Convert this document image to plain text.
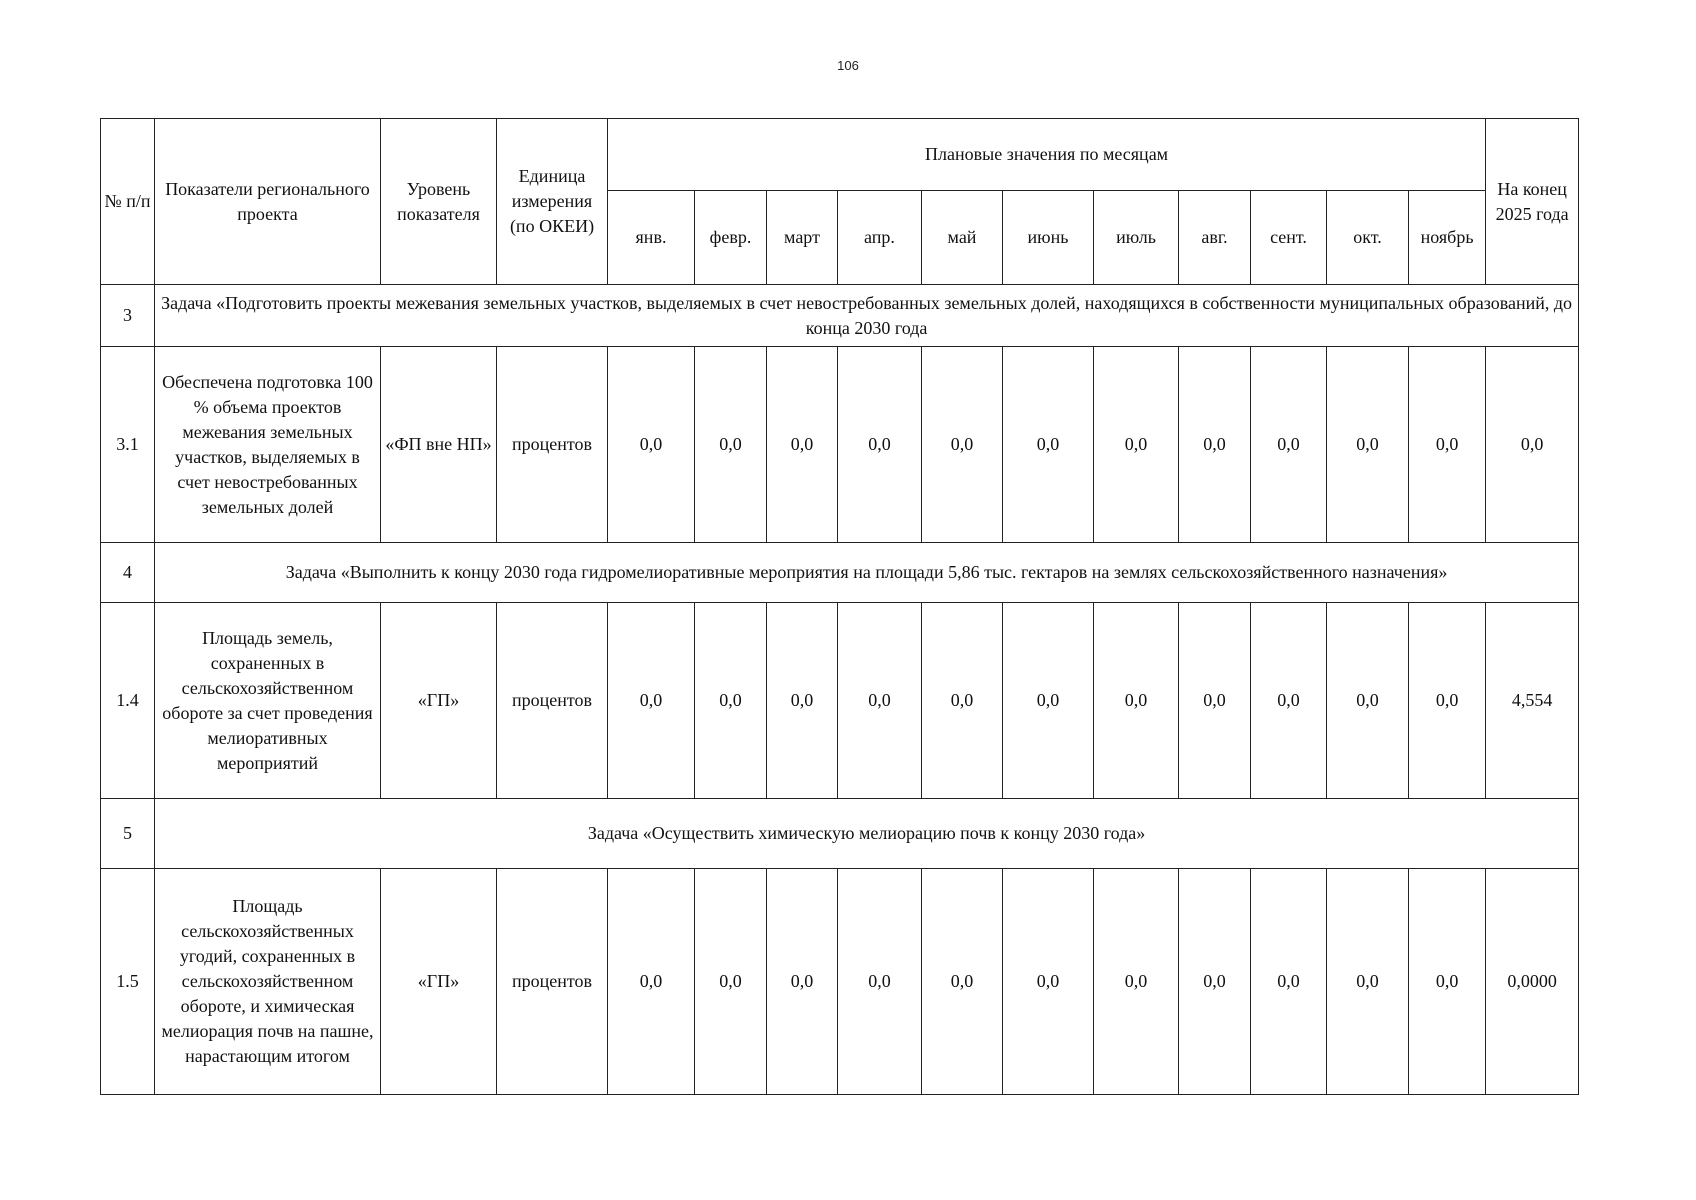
106
№ п/п	Показатели регионального проекта	Уровень показателя	Единица измерения (по ОКЕИ)	Плановые значения по месяцам											На конец 2025 года
				янв.	февр.	март	апр.	май	июнь	июль	авг.	сент.	окт.	ноябрь	
3	Задача «Подготовить проекты межевания земельных участков, выделяемых в счет невостребованных земельных долей, находящихся в собственности муниципальных образований, до конца 2030 года														
3.1	Обеспечена подготовка 100 % объема проектов межевания земельных участков, выделяемых в счет невостребованных земельных долей	«ФП вне НП»	процентов	0,0	0,0	0,0	0,0	0,0	0,0	0,0	0,0	0,0	0,0	0,0	0,0
4	Задача «Выполнить к концу 2030 года гидромелиоративные мероприятия на площади 5,86 тыс. гектаров на землях сельскохозяйственного назначения»														
1.4	Площадь земель, сохраненных в сельскохозяйственном обороте за счет проведения мелиоративных мероприятий	«ГП»	процентов	0,0	0,0	0,0	0,0	0,0	0,0	0,0	0,0	0,0	0,0	0,0	4,554
5	Задача «Осуществить химическую мелиорацию почв к концу 2030 года»														
1.5	Площадь сельскохозяйственных угодий, сохраненных в сельскохозяйственном обороте, и химическая мелиорация почв на пашне, нарастающим итогом	«ГП»	процентов	0,0	0,0	0,0	0,0	0,0	0,0	0,0	0,0	0,0	0,0	0,0	0,0000
